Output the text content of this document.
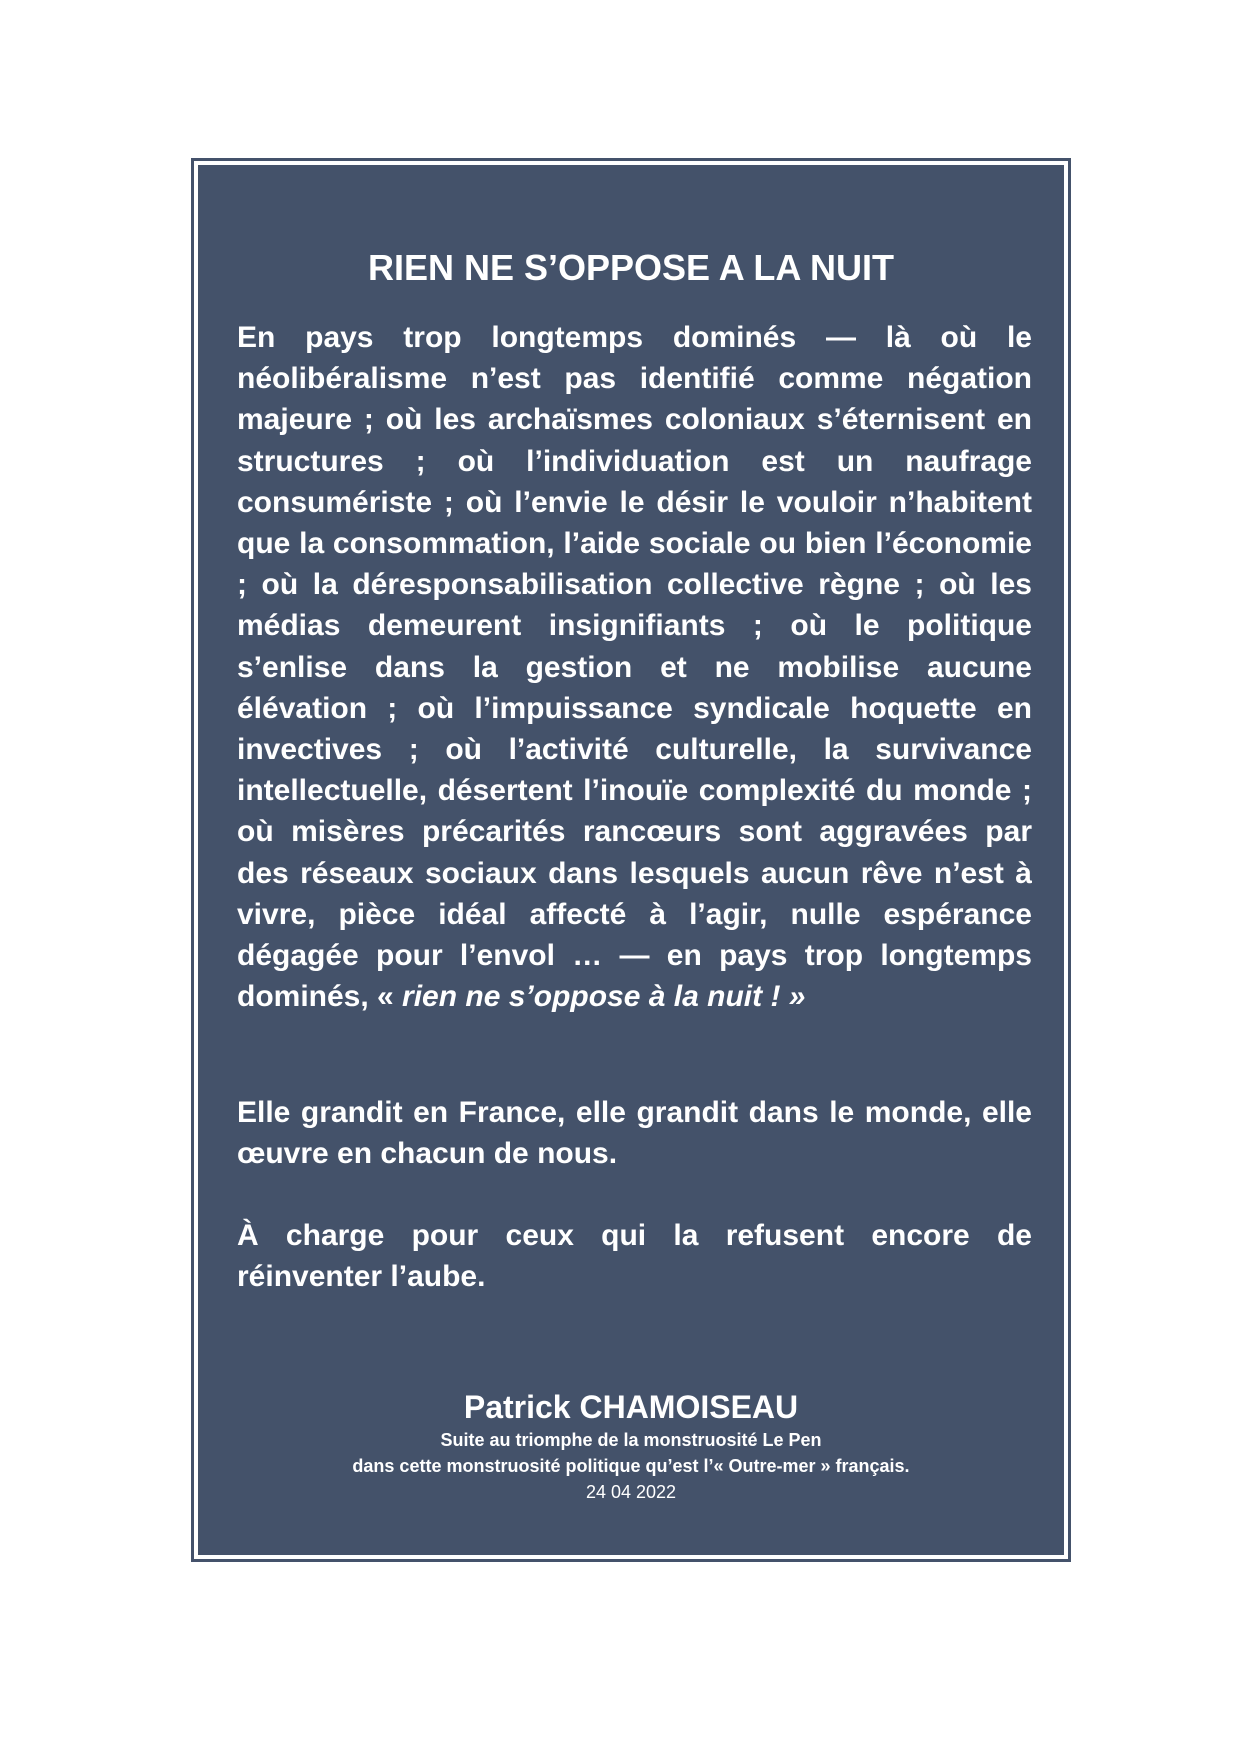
RIEN NE S’OPPOSE A LA NUIT

En pays trop longtemps dominés — là où le néolibéralisme n’est pas identifié comme négation majeure ; où les archaïsmes coloniaux s’éternisent en structures ; où l’individuation est un naufrage consumériste ; où l’envie le désir le vouloir n’habitent que la consommation, l’aide sociale ou bien l’économie ; où la déresponsabilisation collective règne ; où les médias demeurent insignifiants ; où le politique s’enlise dans la gestion et ne mobilise aucune élévation ; où l’impuissance syndicale hoquette en invectives ; où l’activité culturelle, la survivance intellectuelle, désertent l’inouïe complexité du monde ; où misères précarités rancœurs sont aggravées par des réseaux sociaux dans lesquels aucun rêve n’est à vivre, pièce idéal affecté à l’agir, nulle espérance dégagée pour l’envol … — en pays trop longtemps dominés, « rien ne s’oppose à la nuit ! »

Elle grandit en France, elle grandit dans le monde, elle œuvre en chacun de nous.

À charge pour ceux qui la refusent encore de réinventer l’aube.

Patrick CHAMOISEAU

Suite au triomphe de la monstruosité Le Pen

dans cette monstruosité politique qu’est l’« Outre-mer » français.

24 04 2022
